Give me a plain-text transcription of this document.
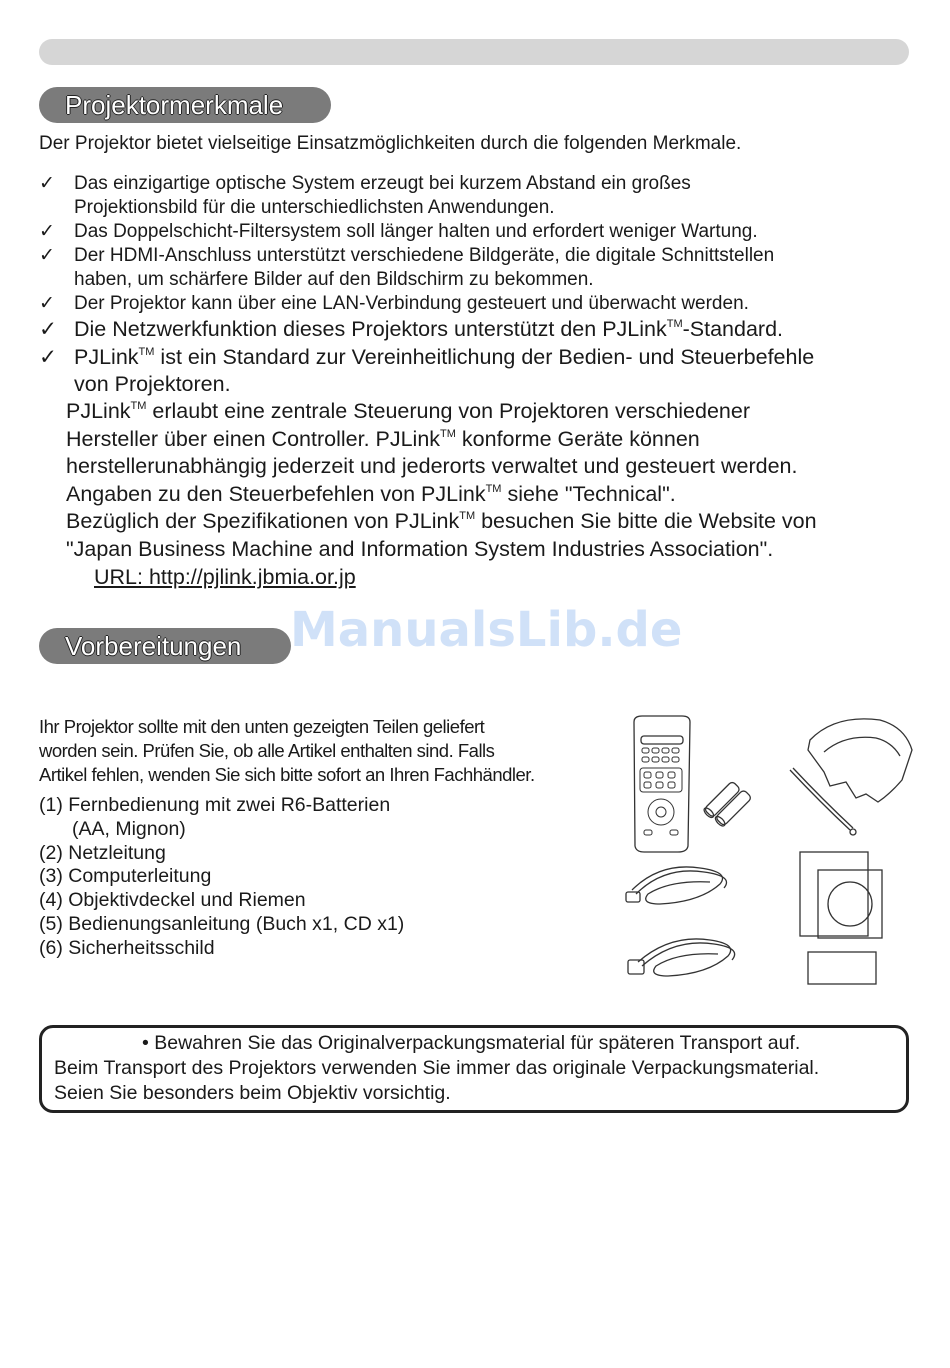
Projektormerkmale
Der Projektor bietet vielseitige Einsatzmöglichkeiten durch die folgenden Merkmale.
✓ Das einzigartige optische System erzeugt bei kurzem Abstand ein großes
Projektionsbild für die unterschiedlichsten Anwendungen.
✓ Das Doppelschicht-Filtersystem soll länger halten und erfordert weniger Wartung.
✓ Der HDMI-Anschluss unterstützt verschiedene Bildgeräte, die digitale Schnittstellen
haben, um schärfere Bilder auf den Bildschirm zu bekommen.
✓ Der Projektor kann über eine LAN-Verbindung gesteuert und überwacht werden.
✓ Die Netzwerkfunktion dieses Projektors unterstützt den PJLink™-Standard.
✓ PJLink™ ist ein Standard zur Vereinheitlichung der Bedien- und Steuerbefehle
von Projektoren.
PJLink™ erlaubt eine zentrale Steuerung von Projektoren verschiedener
Hersteller über einen Controller. PJLink™ konforme Geräte können
herstellerunabhängig jederzeit und jederorts verwaltet und gesteuert werden.
Angaben zu den Steuerbefehlen von PJLink™ siehe "Technical".
Bezüglich der Spezifikationen von PJLink™ besuchen Sie bitte die Website von
"Japan Business Machine and Information System Industries Association".
URL: http://pjlink.jbmia.or.jp
Vorbereitungen	ManualsLib.de
Ihr Projektor sollte mit den unten gezeigten Teilen geliefert
worden sein. Prüfen Sie, ob alle Artikel enthalten sind. Falls
Artikel fehlen, wenden Sie sich bitte sofort an Ihren Fachhändler.
(1) Fernbedienung mit zwei R6-Batterien
(AA, Mignon)
(2) Netzleitung
(3) Computerleitung
(4) Objektivdeckel und Riemen
(5) Bedienungsanleitung (Buch x1, CD x1)
(6) Sicherheitsschild
• Bewahren Sie das Originalverpackungsmaterial für späteren Transport auf.
Beim Transport des Projektors verwenden Sie immer das originale Verpackungsmaterial.
Seien Sie besonders beim Objektiv vorsichtig.
